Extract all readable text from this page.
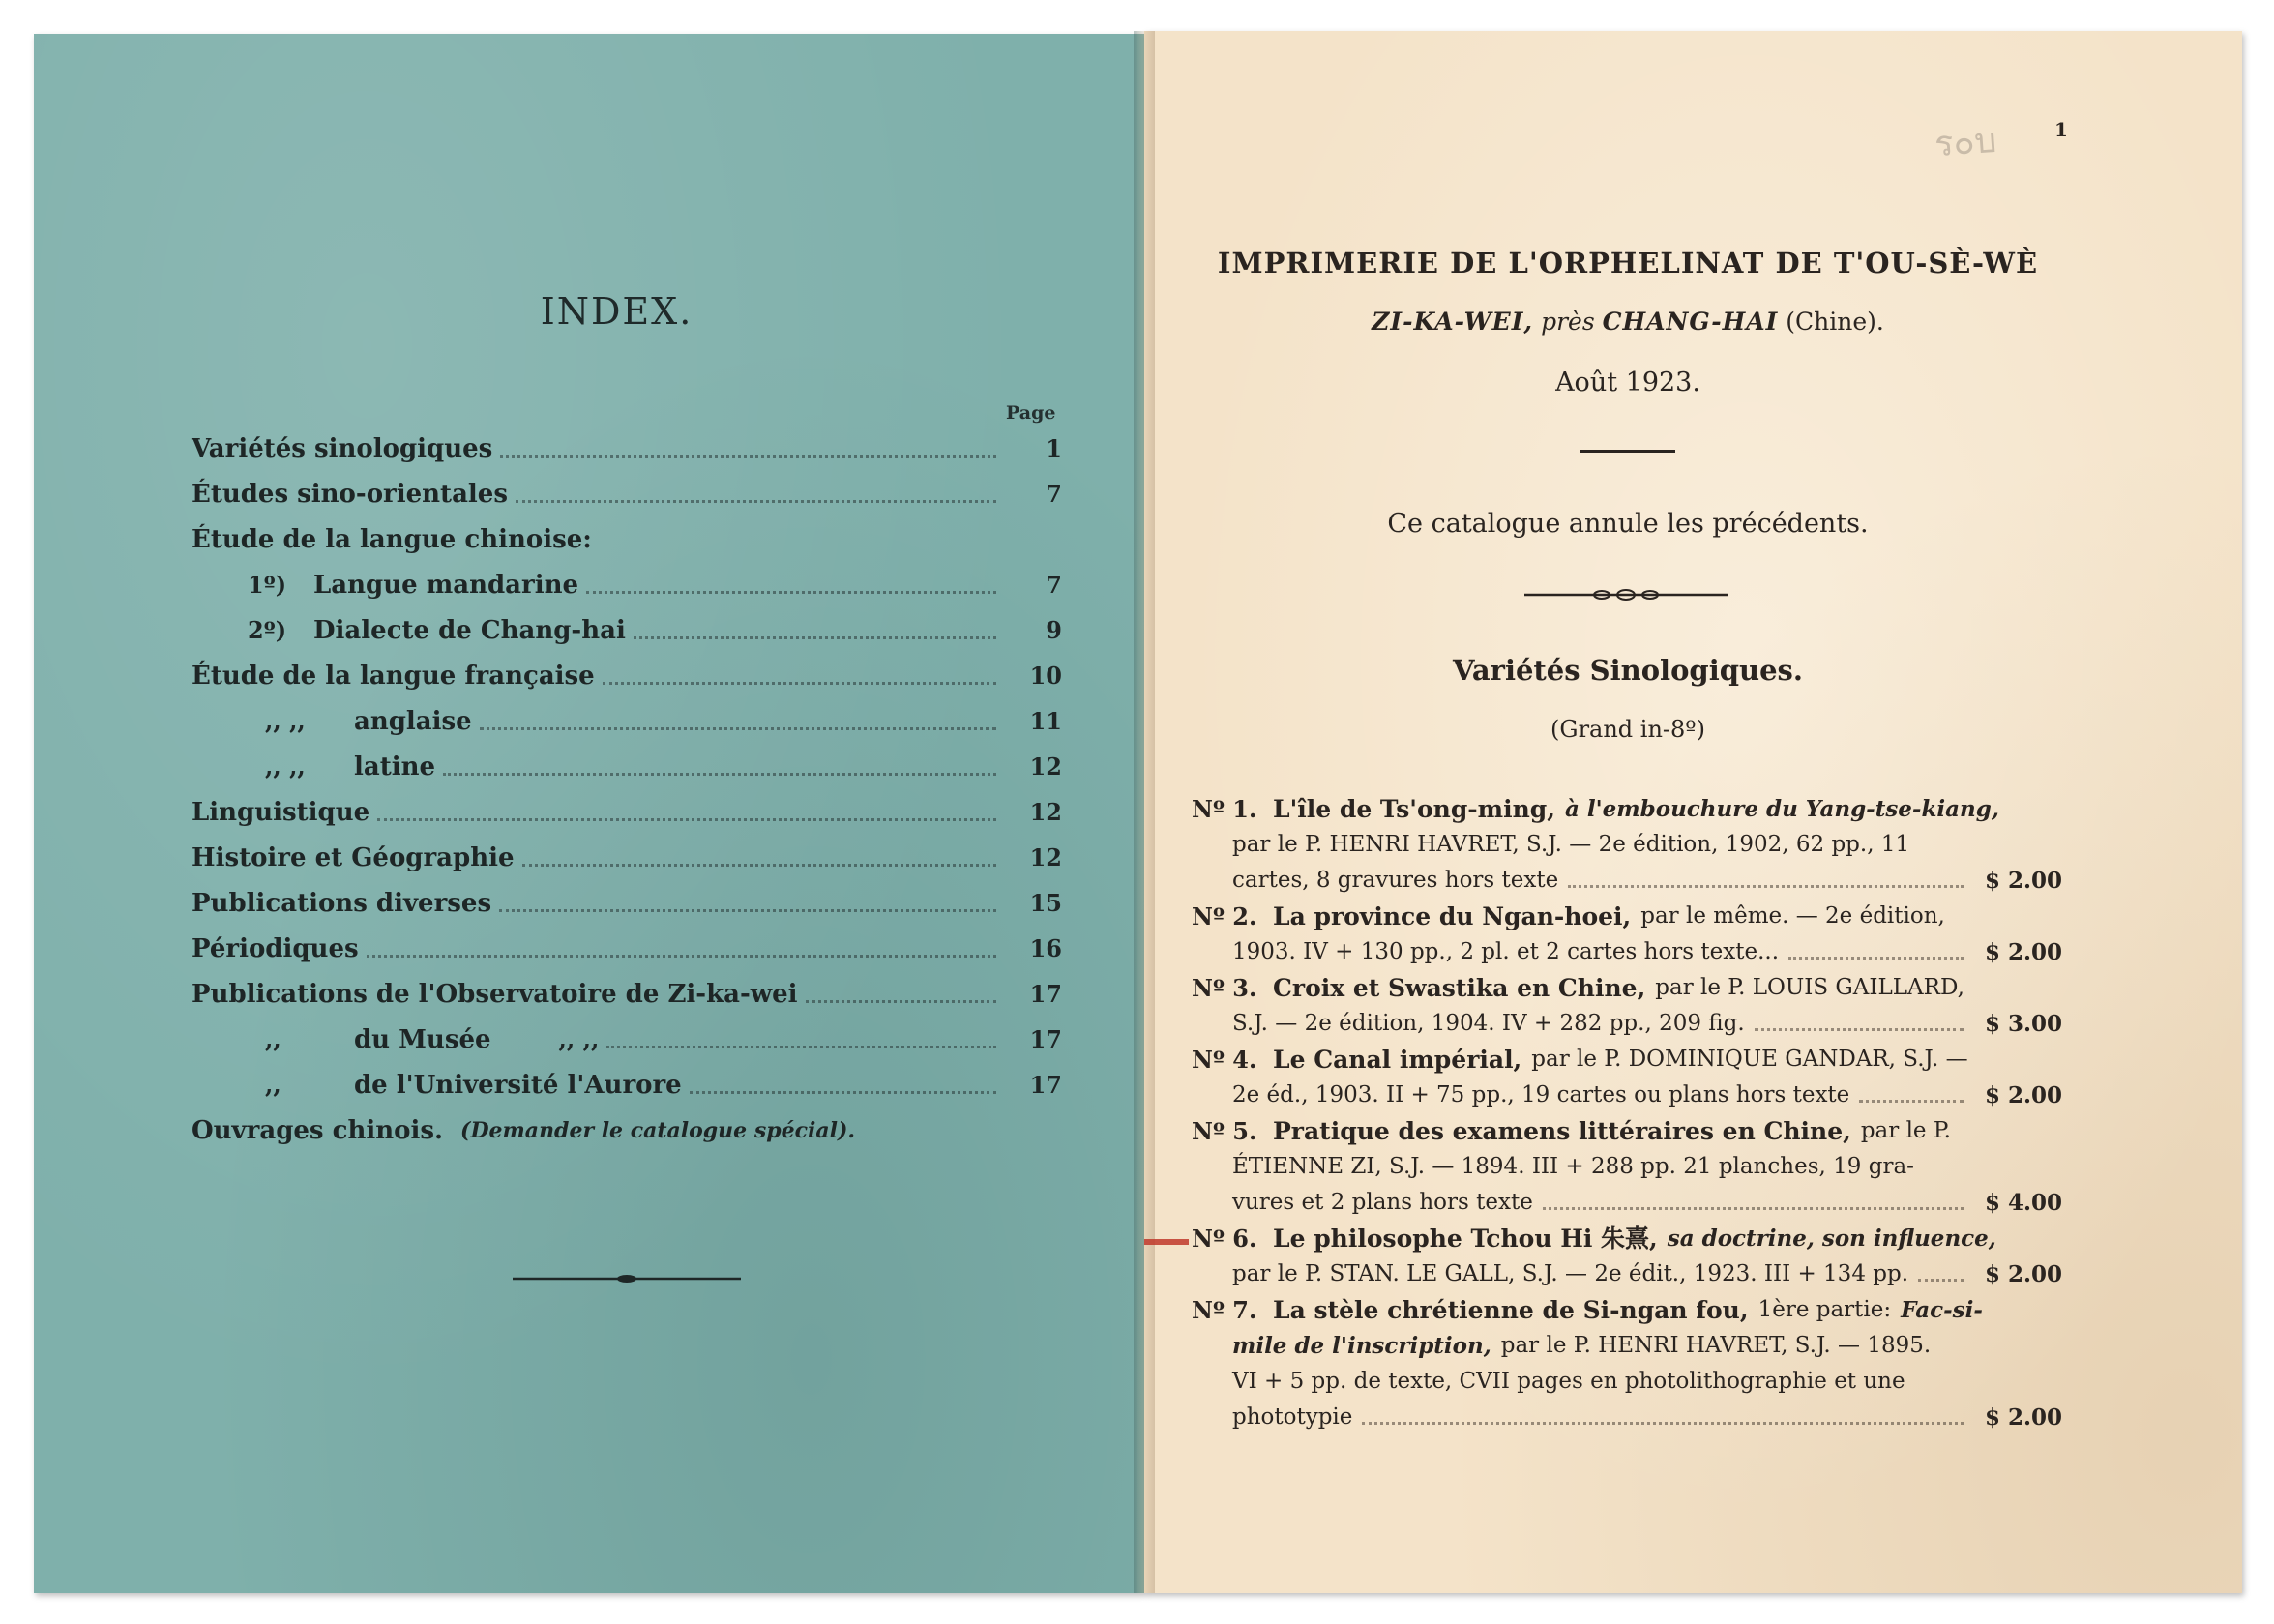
INDEX.
Page
Variétés sinologiques	1
Études sino-orientales	7
Étude de la langue chinoise:
1º)	Langue mandarine	7
2º)	Dialecte de Chang-hai	9
Étude de la langue française	10
,, ,,	anglaise	11
,, ,,	latine	12
Linguistique	12
Histoire et Géographie	12
Publications diverses	15
Périodiques	16
Publications de l'Observatoire de Zi-ka-wei	17
,,	du Musée	,, ,,	17
,,	de l'Université l'Aurore	17
Ouvrages chinois. (Demander le catalogue spécial).
ร๐บ	1
IMPRIMERIE DE L'ORPHELINAT DE T'OU-SÈ-WÈ
ZI-KA-WEI, près CHANG-HAI (Chine).
Août 1923.
Ce catalogue annule les précédents.
Variétés Sinologiques.
(Grand in-8º)
Nº 1. L'île de Ts'ong-ming, à l'embouchure du Yang-tse-kiang,
par le P. HENRI HAVRET, S.J. — 2e édition, 1902, 62 pp., 11
cartes, 8 gravures hors texte	$ 2.00
Nº 2. La province du Ngan-hoei, par le même. — 2e édition,
1903. IV + 130 pp., 2 pl. et 2 cartes hors texte...	$ 2.00
Nº 3. Croix et Swastika en Chine, par le P. LOUIS GAILLARD,
S.J. — 2e édition, 1904. IV + 282 pp., 209 fig.	$ 3.00
Nº 4. Le Canal impérial, par le P. DOMINIQUE GANDAR, S.J. —
2e éd., 1903. II + 75 pp., 19 cartes ou plans hors texte	$ 2.00
Nº 5. Pratique des examens littéraires en Chine, par le P.
ÉTIENNE ZI, S.J. — 1894. III + 288 pp. 21 planches, 19 gra-
vures et 2 plans hors texte	$ 4.00
Nº 6. Le philosophe Tchou Hi 朱熹, sa doctrine, son influence,
par le P. STAN. LE GALL, S.J. — 2e édit., 1923. III + 134 pp.	$ 2.00
Nº 7. La stèle chrétienne de Si-ngan fou, 1ère partie: Fac-si-
mile de l'inscription, par le P. HENRI HAVRET, S.J. — 1895.
VI + 5 pp. de texte, CVII pages en photolithographie et une
phototypie	$ 2.00
